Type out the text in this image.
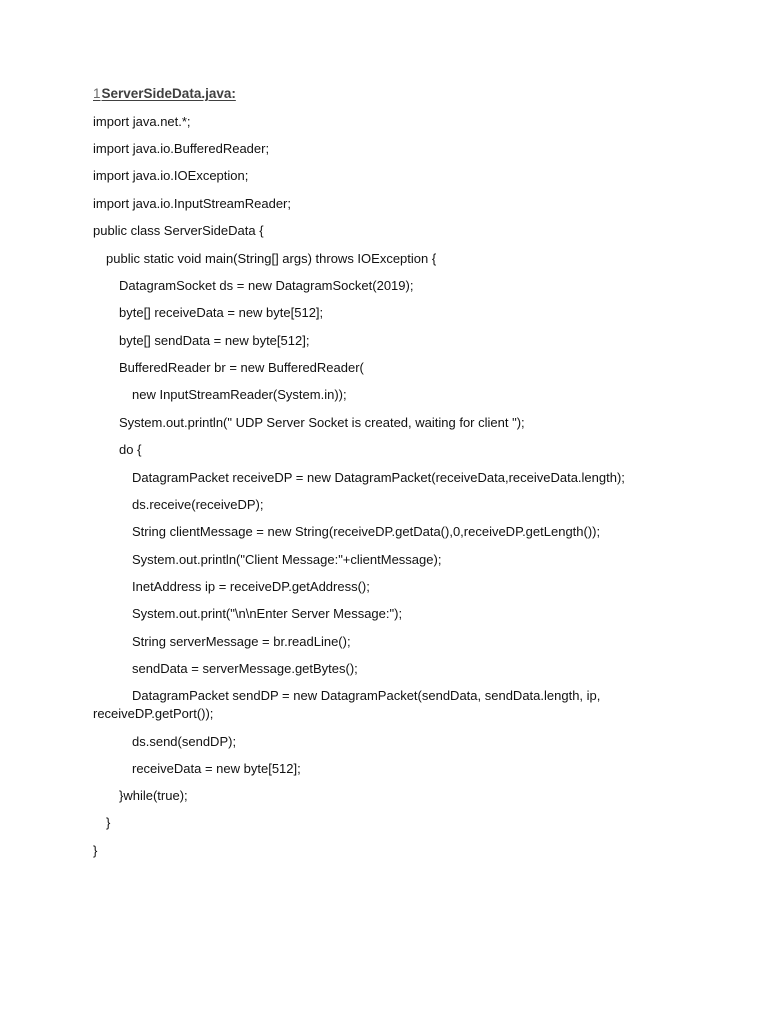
1ServerSideData.java:
import java.net.*;
import java.io.BufferedReader;
import java.io.IOException;
import java.io.InputStreamReader;
public class ServerSideData {
public static void main(String[] args) throws IOException {
DatagramSocket ds = new DatagramSocket(2019);
byte[] receiveData = new byte[512];
byte[] sendData = new byte[512];
BufferedReader br = new BufferedReader(
new InputStreamReader(System.in));
System.out.println(" UDP Server Socket is created, waiting for client ");
do {
DatagramPacket receiveDP = new DatagramPacket(receiveData,receiveData.length);
ds.receive(receiveDP);
String clientMessage = new String(receiveDP.getData(),0,receiveDP.getLength());
System.out.println("Client Message:"+clientMessage);
InetAddress ip = receiveDP.getAddress();
System.out.print("\n\nEnter Server Message:");
String serverMessage = br.readLine();
sendData = serverMessage.getBytes();
DatagramPacket sendDP = new DatagramPacket(sendData, sendData.length, ip, receiveDP.getPort());
ds.send(sendDP);
receiveData = new byte[512];
}while(true);
}
}
